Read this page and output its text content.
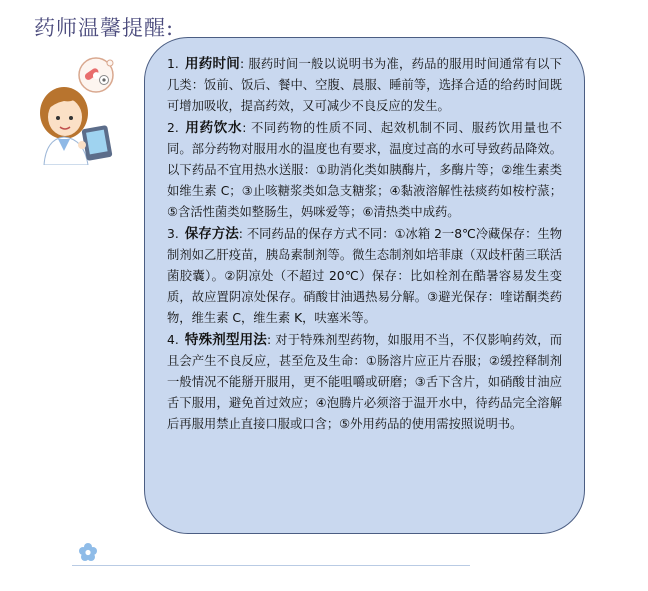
药师温馨提醒:

1. 用药时间: 服药时间一般以说明书为准，药品的服用时间通常有以下几类：饭前、饭后、餐中、空腹、晨服、睡前等，选择合适的给药时间既可增加吸收，提高药效，又可减少不良反应的发生。

2. 用药饮水: 不同药物的性质不同、起效机制不同、服药饮用量也不同。部分药物对服用水的温度也有要求，温度过高的水可导致药品降效。以下药品不宜用热水送服：①助消化类如胰酶片，多酶片等；②维生素类如维生素 C；③止咳糖浆类如急支糖浆；④黏液溶解性祛痰药如桉柠蒎；⑤含活性菌类如整肠生，妈咪爱等；⑥清热类中成药。

3. 保存方法: 不同药品的保存方式不同：①冰箱 2一8℃冷藏保存：生物制剂如乙肝疫苗，胰岛素制剂等。微生态制剂如培菲康（双歧杆菌三联活菌胶囊）。②阴凉处（不超过 20℃）保存：比如栓剂在酷暑容易发生变质，故应置阴凉处保存。硝酸甘油遇热易分解。③避光保存：喹诺酮类药物，维生素 C，维生素 K，呋塞米等。

4. 特殊剂型用法: 对于特殊剂型药物，如服用不当，不仅影响药效，而且会产生不良反应，甚至危及生命：①肠溶片应正片吞服；②缓控释制剂一般情况不能掰开服用，更不能咀嚼或研磨；③舌下含片，如硝酸甘油应舌下服用，避免首过效应；④泡腾片必须溶于温开水中，待药品完全溶解后再服用禁止直接口服或口含；⑤外用药品的使用需按照说明书。
